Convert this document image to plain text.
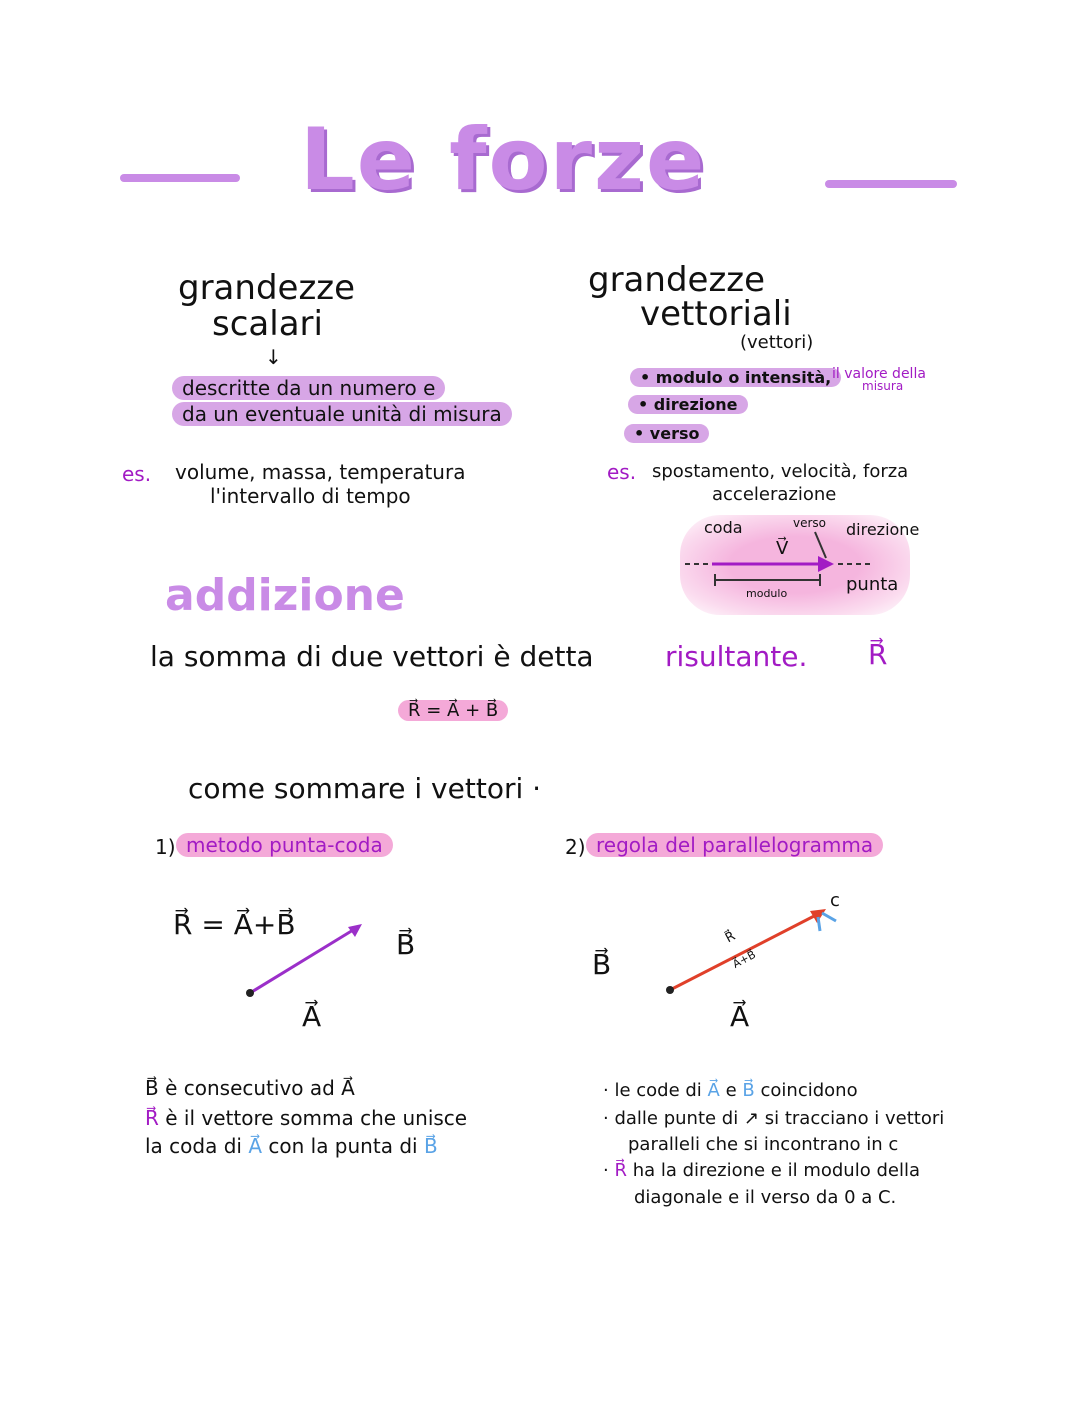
Le forze
grandezze
scalari
↓
descritte da un numero e
da un eventuale unità di misura
es. volume, massa, temperatura
l'intervallo di tempo
grandezze
vettoriali
(vettori)
• modulo o intensità,
• direzione
• verso
il valore della
misura
es. spostamento, velocità, forza
accelerazione
coda	verso direzione
V⃗
modulo	punta
addizione
la somma di due vettori è detta	risultante. R⃗
R⃗ = A⃗ + B⃗
come sommare i vettori ·
1) metodo punta-coda
R⃗ = A⃗+B⃗
B⃗
A⃗
B⃗ è consecutivo ad A⃗
R⃗ è il vettore somma che unisce
la coda di A⃗ con la punta di B⃗
2) regola del parallelogramma
c
R⃗
A⃗+B⃗
B⃗
A⃗
· le code di A⃗ e B⃗ coincidono
· dalle punte di ↗ si tracciano i vettori
paralleli che si incontrano in c
· R⃗ ha la direzione e il modulo della
diagonale e il verso da 0 a C.
